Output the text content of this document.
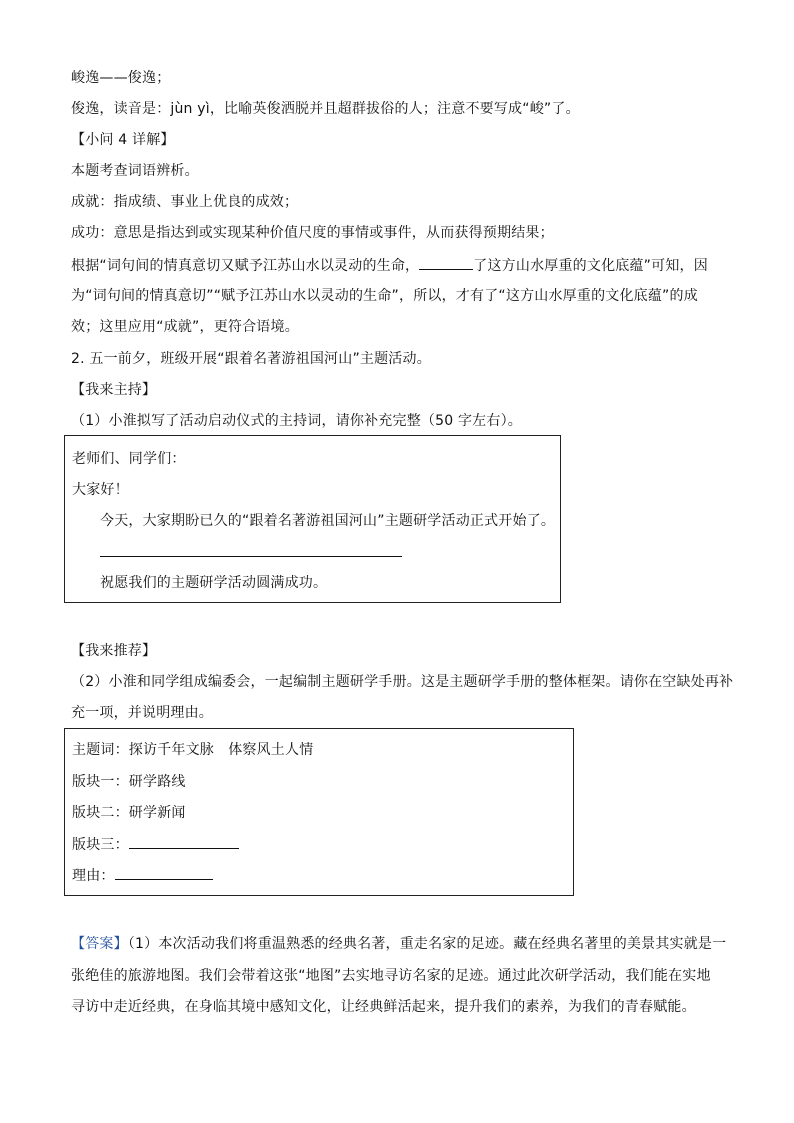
峻逸——俊逸；
俊逸，读音是：jùn yì，比喻英俊洒脱并且超群拔俗的人；注意不要写成“峻”了。
【小问 4 详解】
本题考查词语辨析。
成就：指成绩、事业上优良的成效；
成功：意思是指达到或实现某种价值尺度的事情或事件，从而获得预期结果；
根据“词句间的情真意切又赋予江苏山水以灵动的生命，	了这方山水厚重的文化底蕴”可知，因
为“词句间的情真意切”“赋予江苏山水以灵动的生命”，所以，才有了“这方山水厚重的文化底蕴”的成
效；这里应用“成就”，更符合语境。
2. 五一前夕，班级开展“跟着名著游祖国河山”主题活动。
【我来主持】
（1）小淮拟写了活动启动仪式的主持词，请你补充完整（50 字左右）。
老师们、同学们：
大家好！
今天，大家期盼已久的“跟着名著游祖国河山”主题研学活动正式开始了。
祝愿我们的主题研学活动圆满成功。
【我来推荐】
（2）小淮和同学组成编委会，一起编制主题研学手册。这是主题研学手册的整体框架。请你在空缺处再补
充一项，并说明理由。
主题词：探访千年文脉　体察风土人情
版块一：研学路线
版块二：研学新闻
版块三：
理由：
【答案】（1）本次活动我们将重温熟悉的经典名著，重走名家的足迹。藏在经典名著里的美景其实就是一
张绝佳的旅游地图。我们会带着这张“地图”去实地寻访名家的足迹。通过此次研学活动，我们能在实地
寻访中走近经典，在身临其境中感知文化，让经典鲜活起来，提升我们的素养，为我们的青春赋能。
